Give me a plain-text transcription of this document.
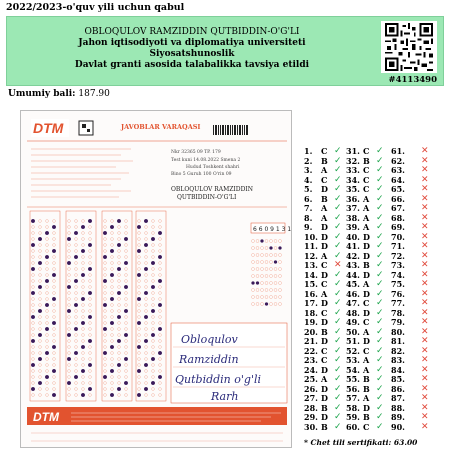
2022/2023-o'quv yili uchun qabul
OBLOQULOV RAMZIDDIN QUTBIDDIN-O'G'LI
Jahon iqtisodiyoti va diplomatiya universiteti
Siyosatshunoslik
Davlat granti asosida talabalikka tavsiya etildi
#4113490
Umumiy bali: 187.90
DTM	JAVOBLAR VARAQASI
Nkr 32365 09 TP. 179
Test kuni 14.08.2022 Smena 2
Hudud Toshkent shahri
Bino 5 Guruh 100 O'rin 09
OBLOQULOV RAMZIDDIN
QUTBIDDIN-O'G'LI
6 6 0 9 1 3 1
Obloqulov
Ramziddin
Qutbiddin o'g'li
Rarh
DTM
1. C ✓
2. B ✓
3. A ✓
4. C ✓
5. D ✓
6. B ✓
7. A ✓
8. A ✓
9. D ✓
10. D ✓
11. D ✓
12. A ✓
13. C ✕
14. D ✓
15. C ✓
16. A ✓
17. D ✓
18. C ✓
19. D ✓
20. B ✓
21. D ✓
22. C ✓
23. C ✓
24. D ✓
25. A ✓
26. D ✓
27. D ✓
28. B ✓
29. D ✓
30. B ✓
31. C ✓
32. B ✓
33. C ✓
34. C ✓
35. C ✓
36. A ✓
37. A ✓
38. A ✓
39. A ✓
40. D ✓
41. D ✓
42. D ✓
43. B ✓
44. D ✓
45. A ✓
46. D ✓
47. C ✓
48. D ✓
49. C ✓
50. A ✓
51. D ✓
52. C ✓
53. A ✓
54. A ✓
55. B ✓
56. B ✓
57. A ✓
58. D ✓
59. B ✓
60. C ✓
61. ✕
62. ✕
63. ✕
64. ✕
65. ✕
66. ✕
67. ✕
68. ✕
69. ✕
70. ✕
71. ✕
72. ✕
73. ✕
74. ✕
75. ✕
76. ✕
77. ✕
78. ✕
79. ✕
80. ✕
81. ✕
82. ✕
83. ✕
84. ✕
85. ✕
86. ✕
87. ✕
88. ✕
89. ✕
90. ✕
* Chet tili sertifikati: 63.00
